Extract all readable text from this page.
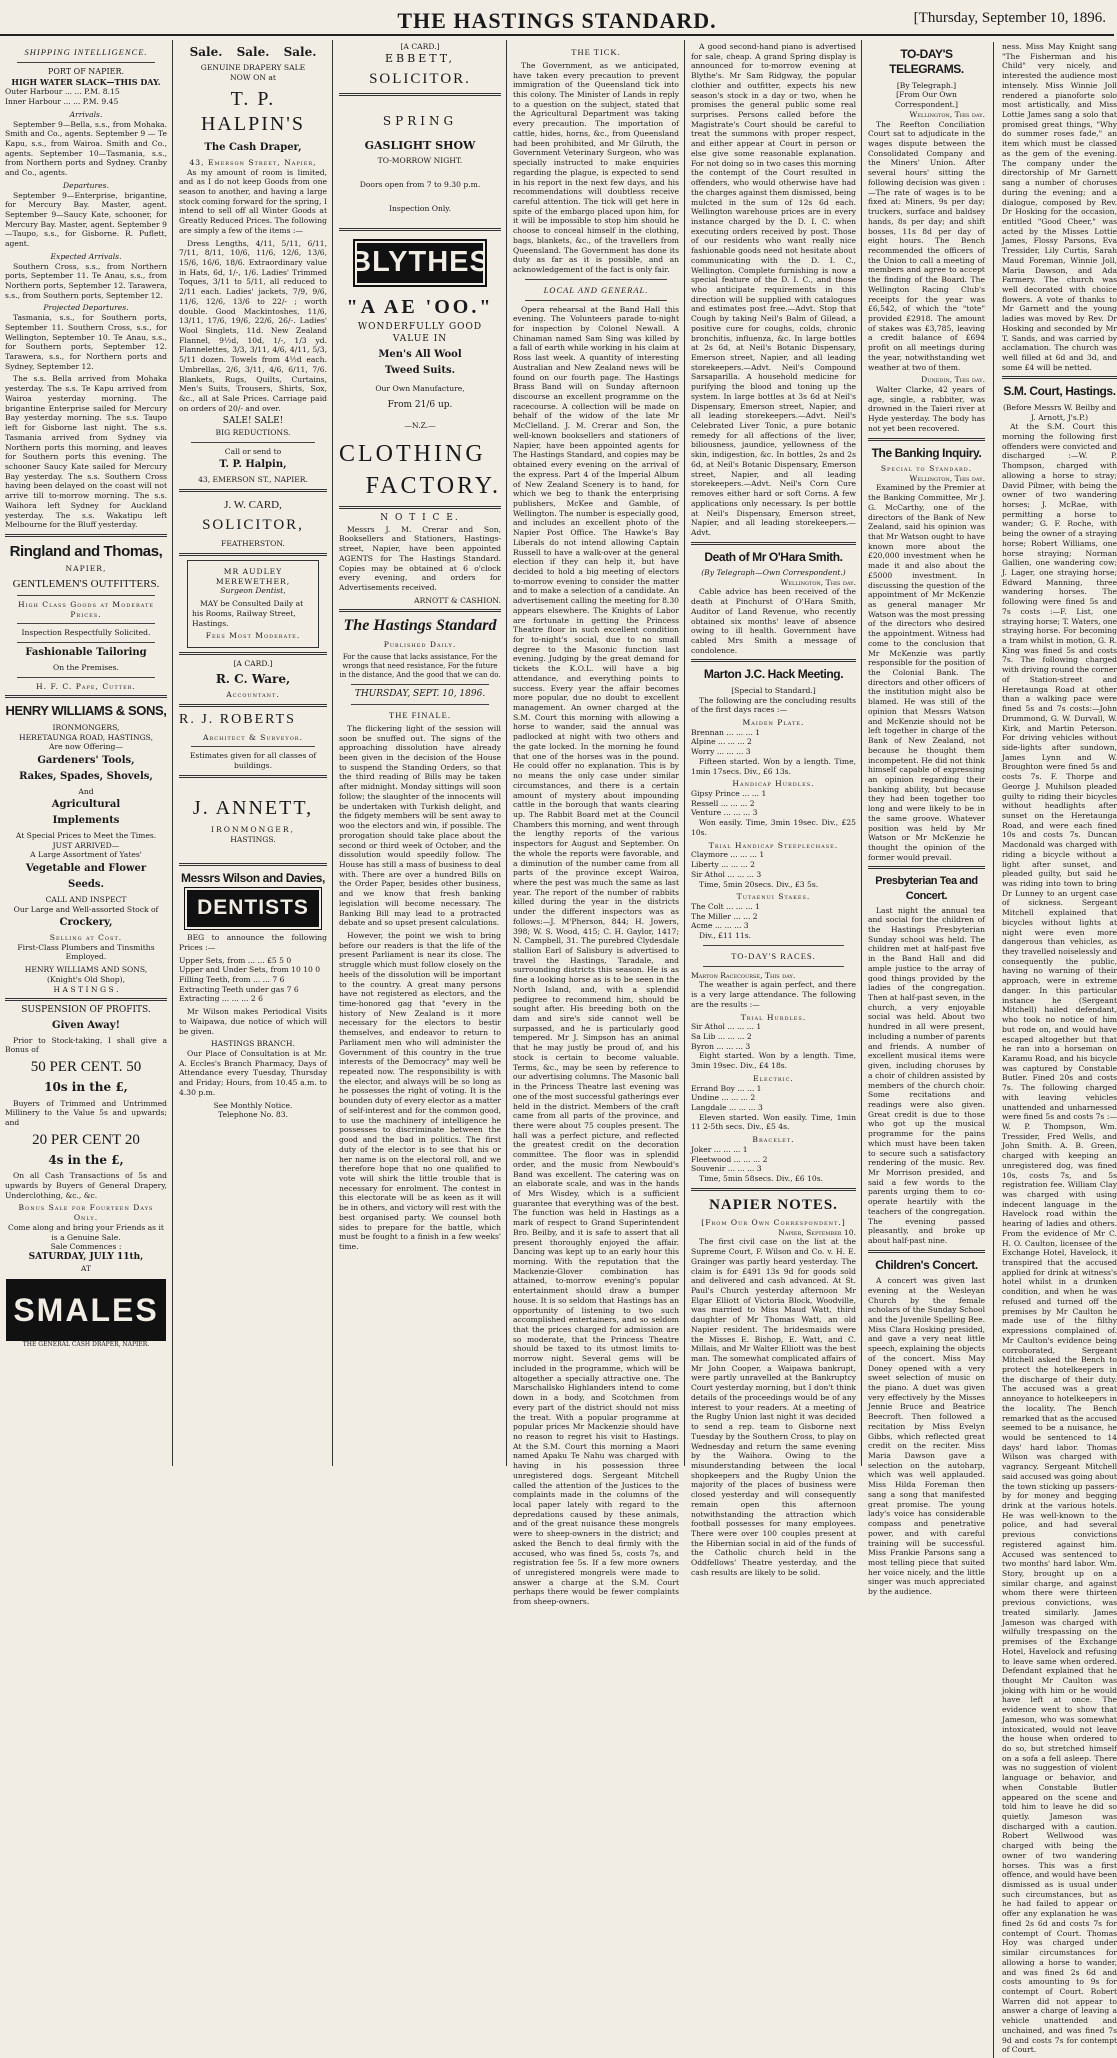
THE HASTINGS STANDARD.	[Thursday, September 10, 1896.
SHIPPING INTELLIGENCE.
PORT OF NAPIER.
HIGH WATER SLACK—THIS DAY.
Outer Harbour ... ... P.M. 8.15
Inner Harbour ... ... P.M. 9.45
Arrivals.

September 9—Bella, s.s., from Mohaka. Smith and Co., agents. September 9 — Te Kapu, s.s., from Wairoa. Smith and Co., agents. September 10—Tasmania, s.s., from Northern ports and Sydney. Cranby and Co., agents.

Departures.

September 9—Enterprise, brigantine, for Mercury Bay. Master, agent. September 9—Saucy Kate, schooner, for Mercury Bay. Master, agent. September 9—Taupo, s.s., for Gisborne. R. Puflett, agent.

Expected Arrivals.

Southern Cross, s.s., from Northern ports, September 11. Te Anau, s.s., from Northern ports, September 12. Tarawera, s.s., from Southern ports, September 12.

Projected Departures.

Tasmania, s.s., for Southern ports, September 11. Southern Cross, s.s., for Wellington, September 10. Te Anau, s.s., for Southern ports, September 12. Tarawera, s.s., for Northern ports and Sydney, September 12.

The s.s. Bella arrived from Mohaka yesterday. The s.s. Te Kapu arrived from Wairoa yesterday morning. The brigantine Enterprise sailed for Mercury Bay yesterday morning. The s.s. Taupo left for Gisborne last night. The s.s. Tasmania arrived from Sydney via Northern ports this morning, and leaves for Southern ports this evening. The schooner Saucy Kate sailed for Mercury Bay yesterday. The s.s. Southern Cross having been delayed on the coast will not arrive till to-morrow morning. The s.s. Waihora left Sydney for Auckland yesterday. The s.s. Wakatipu left Melbourne for the Bluff yesterday.

Ringland and Thomas,
NAPIER,
GENTLEMEN'S OUTFITTERS.
High Class Goods at Moderate
Prices.
Inspection Respectfully Solicited.
Fashionable Tailoring
On the Premises.
H. F. C. Pape, Cutter.
HENRY WILLIAMS & SONS,
IRONMONGERS,
HERETAUNGA ROAD, HASTINGS,
Are now Offering—
Gardeners' Tools,
Rakes, Spades, Shovels,
And
Agricultural
Implements
At Special Prices to Meet the Times.
JUST ARRIVED—
A Large Assortment of Yates'
Vegetable and Flower
Seeds.
CALL AND INSPECT
Our Large and Well-assorted Stock of
Crockery,
Selling at Cost.
First-Class Plumbers and Tinsmiths Employed.
HENRY WILLIAMS AND SONS,
(Knight's Old Shop),
H A S T I N G S .
SUSPENSION OF PROFITS.
Given Away!

Prior to Stock-taking, I shall give a Bonus of

50 PER CENT. 50
10s in the £,

Buyers of Trimmed and Untrimmed Millinery to the Value 5s and upwards; and

20 PER CENT 20
4s in the £,

On all Cash Transactions of 5s and upwards by Buyers of General Drapery, Underclothing, &c., &c.

Bonus Sale for Fourteen Days Only.
Come along and bring your Friends as it is a Genuine Sale.
Sale Commences :
SATURDAY, JULY 11th,
AT
SMALES
THE GENERAL CASH DRAPER, NAPIER.
Sale. Sale. Sale.
GENUINE DRAPERY SALE
NOW ON at
T. P. HALPIN'S
The Cash Draper,
43, Emerson Street, Napier,

As my amount of room is limited, and as I do not keep Goods from one season to another, and having a large stock coming forward for the spring, I intend to sell off all Winter Goods at Greatly Reduced Prices. The following are simply a few of the items :—

Dress Lengths, 4/11, 5/11, 6/11, 7/11, 8/11, 10/6, 11/6, 12/6, 13/6, 15/6, 16/6, 18/6. Extraordinary value in Hats, 6d, 1/-, 1/6. Ladies' Trimmed Toques, 3/11 to 5/11, all reduced to 2/11 each. Ladies' jackets, 7/9, 9/6, 11/6, 12/6, 13/6 to 22/- ; worth double. Good Mackintoshes, 11/6, 13/11, 17/6, 19/6, 22/6, 26/-. Ladies' Wool Singlets, 11d. New Zealand Flannel, 9½d, 10d, 1/-, 1/3 yd. Flannelettes, 3/3, 3/11, 4/6, 4/11, 5/3, 5/11 dozen. Towels from 4½d each. Umbrellas, 2/6, 3/11, 4/6, 6/11, 7/6. Blankets, Rugs, Quilts, Curtains, Men's Suits, Trousers, Shirts, Sox, &c., all at Sale Prices. Carriage paid on orders of 20/- and over.

SALE! SALE!
BIG REDUCTIONS.
Call or send to
T. P. Halpin,
43, EMERSON ST., NAPIER.
J. W. CARD,
SOLICITOR,
FEATHERSTON.
MR AUDLEY MEREWETHER,
Surgeon Dentist,

MAY be Consulted Daily at his Rooms, Railway Street, Hastings.

Fees Most Moderate.
[A CARD.]
R. C. Ware,
Accountant.
R. J. ROBERTS
Architect & Surveyor.
Estimates given for all classes of buildings.
J. ANNETT,
IRONMONGER,
HASTINGS.
Messrs Wilson and Davies,
DENTISTS

BEG to announce the following Prices :—

Upper Sets, from ... ... £5 5 0
Upper and Under Sets, from 10 10 0
Filling Teeth, from ... ... 7 6
Extracting Teeth under gas 7 6
Extracting ... ... ... 2 6

Mr Wilson makes Periodical Visits to Waipawa, due notice of which will be given.

HASTINGS BRANCH.

Our Place of Consultation is at Mr. A. Eccles's Branch Pharmacy, Days of Attendance every Tuesday, Thursday and Friday; Hours, from 10.45 a.m. to 4.30 p.m.

See Monthly Notice.
Telephone No. 83.
[A CARD.]
EBBETT,
SOLICITOR.
SPRING
GASLIGHT SHOW
TO-MORROW NIGHT.
Doors open from 7 to 9.30 p.m.
Inspection Only.
BLYTHES
"A AE 'OO."
WONDERFULLY GOOD VALUE IN
Men's All Wool
Tweed Suits.
Our Own Manufacture,
From 21/6 up.
—N.Z.—
CLOTHING
FACTORY.
N O T I C E.

Messrs J. M. Crerar and Son, Booksellers and Stationers, Hastings-street, Napier, have been appointed AGENTS for The Hastings Standard. Copies may be obtained at 6 o'clock every evening, and orders for Advertisements received.

ARNOTT & CASHION.
The Hastings Standard
Published Daily.
For the cause that lacks assistance, For the wrongs that need resistance, For the future in the distance, And the good that we can do.
THURSDAY, SEPT. 10, 1896.
THE FINALE.

The flickering light of the session will soon be snuffed out. The signs of the approaching dissolution have already been given in the decision of the House to suspend the Standing Orders, so that the third reading of Bills may be taken after midnight. Monday sittings will soon follow; the slaughter of the innocents will be undertaken with Turkish delight, and the fidgety members will be sent away to woo the electors and win, if possible. The prorogation should take place about the second or third week of October, and the dissolution would speedily follow. The House has still a mass of business to deal with. There are over a hundred Bills on the Order Paper, besides other business, and we know that fresh banking legislation will become necessary. The Banking Bill may lead to a protracted debate and so upset present calculations.

However, the point we wish to bring before our readers is that the life of the present Parliament is near its close. The struggle which must follow closely on the heels of the dissolution will be important to the country. A great many persons have not registered as electors, and the time-honored gag that "every in the history of New Zealand is it more necessary for the electors to bestir themselves, and endeavor to return to Parliament men who will administer the Government of this country in the true interests of the Democracy" may well be repeated now. The responsibility is with the elector, and always will be so long as he possesses the right of voting. It is the bounden duty of every elector as a matter of self-interest and for the common good, to use the machinery of intelligence he possesses to discriminate between the good and the bad in politics. The first duty of the elector is to see that his or her name is on the electoral roll, and we therefore hope that no one qualified to vote will shirk the little trouble that is necessary for enrolment. The contest in this electorate will be as keen as it will be in others, and victory will rest with the best organised party. We counsel both sides to prepare for the battle, which must be fought to a finish in a few weeks' time.

THE TICK.

The Government, as we anticipated, have taken every precaution to prevent immigration of the Queensland tick into this colony. The Minister of Lands in reply to a question on the subject, stated that the Agricultural Department was taking every precaution. The importation of cattle, hides, horns, &c., from Queensland had been prohibited, and Mr Gilruth, the Government Veterinary Surgeon, who was specially instructed to make enquiries regarding the plague, is expected to send in his report in the next few days, and his recommendations will doubtless receive careful attention. The tick will get here in spite of the embargo placed upon him, for it will be impossible to stop him should he choose to conceal himself in the clothing, bags, blankets, &c., of the travellers from Queensland. The Government has done its duty as far as it is possible, and an acknowledgement of the fact is only fair.

LOCAL AND GENERAL.

Opera rehearsal at the Band Hall this evening. The Volunteers parade to-night for inspection by Colonel Newall. A Chinaman named Sam Sing was killed by a fall of earth while working in his claim at Ross last week. A quantity of interesting Australian and New Zealand news will be found on our fourth page. The Hastings Brass Band will on Sunday afternoon discourse an excellent programme on the racecourse. A collection will be made on behalf of the widow of the late Mr McClelland. J. M. Crerar and Son, the well-known booksellers and stationers of Napier, have been appointed agents for The Hastings Standard, and copies may be obtained every evening on the arrival of the express. Part 4 of the Imperial Album of New Zealand Scenery is to hand, for which we beg to thank the enterprising publishers, McKee and Gamble, of Wellington. The number is especially good, and includes an excellent photo of the Napier Post Office. The Hawke's Bay Liberals do not intend allowing Captain Russell to have a walk-over at the general election if they can help it, but have decided to hold a big meeting of electors to-morrow evening to consider the matter and to make a selection of a candidate. An advertisement calling the meeting for 8.30 appears elsewhere. The Knights of Labor are fortunate in getting the Princess Theatre floor in such excellent condition for to-night's social, due to no small degree to the Masonic function last evening. Judging by the great demand for tickets the K.O.L. will have a big attendance, and everything points to success. Every year the affair becomes more popular, due no doubt to excellent management. An owner charged at the S.M. Court this morning with allowing a horse to wander, said the annual was padlocked at night with two others and the gate locked. In the morning he found that one of the horses was in the pound. He could offer no explanation. This is by no means the only case under similar circumstances, and there is a certain amount of mystery about impounding cattle in the borough that wants clearing up. The Rabbit Board met at the Council Chambers this morning, and went through the lengthy reports of the various inspectors for August and September. On the whole the reports were favorable, and a diminution of the number came from all parts of the province except Wairoa, where the pest was much the same as last year. The report of the number of rabbits killed during the year in the districts under the different inspectors was as follows:—J. M'Pherson, 844; H. Jowers, 398; W. S. Wood, 415; C. H. Gaylor, 1417; N. Campbell, 31. The purebred Clydesdale stallion Earl of Salisbury is advertised to travel the Hastings, Taradale, and surrounding districts this season. He is as fine a looking horse as is to be seen in the North Island, and, with a splendid pedigree to recommend him, should be sought after. His breeding both on the dam and sire's side cannot well be surpassed, and he is particularly good tempered. Mr J. Simpson has an animal that he may justly be proud of, and his stock is certain to become valuable. Terms, &c., may be seen by reference to our advertising columns. The Masonic ball in the Princess Theatre last evening was one of the most successful gatherings ever held in the district. Members of the craft came from all parts of the province, and there were about 75 couples present. The hall was a perfect picture, and reflected the greatest credit on the decoration committee. The floor was in splendid order, and the music from Newbould's Band was excellent. The catering was on an elaborate scale, and was in the hands of Mrs Wisdey, which is a sufficient guarantee that everything was of the best. The function was held in Hastings as a mark of respect to Grand Superintendent Bro. Beilby, and it is safe to assert that all present thoroughly enjoyed the affair. Dancing was kept up to an early hour this morning. With the reputation that the Mackenzie-Glover combination has attained, to-morrow evening's popular entertainment should draw a bumper house. It is so seldom that Hastings has an opportunity of listening to two such accomplished entertainers, and so seldom that the prices charged for admission are so moderate, that the Princess Theatre should be taxed to its utmost limits to-morrow night. Several gems will be included in the programme, which will be altogether a specially attractive one. The Marschallsko Highlanders intend to come down in a body, and Scotchmen from every part of the district should not miss the treat. With a popular programme at popular prices Mr Mackenzie should have no reason to regret his visit to Hastings. At the S.M. Court this morning a Maori named Apaku Te Nahu was charged with having in his possession three unregistered dogs. Sergeant Mitchell called the attention of the Justices to the complaints made in the columns of the local paper lately with regard to the depredations caused by these animals, and of the great nuisance these mongrels were to sheep-owners in the district; and asked the Bench to deal firmly with the accused, who was fined 5s, costs 7s, and registration fee 5s. If a few more owners of unregistered mongrels were made to answer a charge at the S.M. Court perhaps there would be fewer complaints from sheep-owners.

A good second-hand piano is advertised for sale, cheap. A grand Spring display is announced for to-morrow evening at Blythe's. Mr Sam Ridgway, the popular clothier and outfitter, expects his new season's stock in a day or two, when he promises the general public some real surprises. Persons called before the Magistrate's Court should be careful to treat the summons with proper respect, and either appear at Court in person or else give some reasonable explanation. For not doing so in two cases this morning the contempt of the Court resulted in offenders, who would otherwise have had the charges against them dismissed, being mulcted in the sum of 12s 6d each. Wellington warehouse prices are in every instance charged by the D. I. C. when executing orders received by post. Those of our residents who want really nice fashionable goods need not hesitate about communicating with the D. I. C., Wellington. Complete furnishing is now a special feature of the D. I. C., and those who anticipate requirements in this direction will be supplied with catalogues and estimates post free.—Advt. Stop that Cough by taking Neil's Balm of Gilead, a positive cure for coughs, colds, chronic bronchitis, influenza, &c. In large bottles at 2s 6d, at Neil's Botanic Dispensary, Emerson street, Napier, and all leading storekeepers.—Advt. Neil's Compound Sarsaparilla. A household medicine for purifying the blood and toning up the system. In large bottles at 3s 6d at Neil's Dispensary, Emerson street, Napier, and all leading storekeepers.—Advt. Neil's Celebrated Liver Tonic, a pure botanic remedy for all affections of the liver, biliousness, jaundice, yellowness of the skin, indigestion, &c. In bottles, 2s and 2s 6d, at Neil's Botanic Dispensary, Emerson street, Napier, and all leading storekeepers.—Advt. Neil's Corn Cure removes either hard or soft Corns. A few applications only necessary. Is per bottle at Neil's Dispensary, Emerson street, Napier, and all leading storekeepers.—Advt.

Death of Mr O'Hara Smith.
(By Telegraph—Own Correspondent.)
Wellington, This day.

Cable advice has been received of the death at Pinchurst of O'Hara Smith, Auditor of Land Revenue, who recently obtained six months' leave of absence owing to ill health. Government have cabled Mrs Smith a message of condolence.

Marton J.C. Hack Meeting.
[Special to Standard.]

The following are the concluding results of the first days races :—

Maiden Plate.
Brennan ... ... ... 1
Alpine ... ... ... 2
Worry ... ... ... 3

Fifteen started. Won by a length. Time, 1min 17secs. Div., £6 13s.

Handicap Hurdles.
Gipsy Prince ... ... 1
Ressell ... ... ... 2
Venture ... ... ... 3

Won easily. Time, 3min 19sec. Div., £25 10s.

Trial Handicap Steeplechase.
Claymore ... ... ... 1
Liberty ... ... ... 2
Sir Athol ... ... ... 3

Time, 5min 20secs. Div., £3 5s.

Tutaenui Stakes.
The Colt ... ... ... 1
The Miller ... ... 2
Acme ... ... ... 3

Div., £11 11s.

TO-DAY'S RACES.
Marton Racecourse, This day.

The weather is again perfect, and there is a very large attendance. The following are the results :—

Trial Hurdles.
Sir Athol ... ... ... 1
Sa Lib ... ... ... 2
Byron ... ... ... 3

Eight started. Won by a length. Time, 3min 19sec. Div., £4 18s.

Electric.
Errand Boy ... ... 1
Undine ... ... ... 2
Langdale ... ... ... 3

Eleven started. Won easily. Time, 1min 11 2-5th secs. Div., £5 4s.

Bracelet.
Joker ... ... ... 1
Fleetwood ... ... ... 2
Souvenir ... ... ... 3

Time, 5min 58secs. Div., £6 10s.

NAPIER NOTES.
[From Our Own Correspondent.]
Napier, September 10.

The first civil case on the list at the Supreme Court, F. Wilson and Co. v. H. E. Grainger was partly heard yesterday. The claim is for £491 13s 9d for goods sold and delivered and cash advanced. At St. Paul's Church yesterday afternoon Mr Elgar Elliott of Victoria Block, Woodville, was married to Miss Maud Watt, third daughter of Mr Thomas Watt, an old Napier resident. The bridesmaids were the Misses E. Bishop, E. Watt, and C. Millais, and Mr Walter Elliott was the best man. The somewhat complicated affairs of Mr John Cooper, a Waipawa bankrupt, were partly unravelled at the Bankruptcy Court yesterday morning, but I don't think details of the proceedings would be of any interest to your readers. At a meeting of the Rugby Union last night it was decided to send a rep. team to Gisborne next Tuesday by the Southern Cross, to play on Wednesday and return the same evening by the Waihora. Owing to the misunderstanding between the local shopkeepers and the Rugby Union the majority of the places of business were closed yesterday and will consequently remain open this afternoon notwithstanding the attraction which football possesses for many employees. There were over 100 couples present at the Hibernian social in aid of the funds of the Catholic church held in the Oddfellows' Theatre yesterday, and the cash results are likely to be solid.

TO-DAY'S TELEGRAMS.
[By Telegraph.]
[From Our Own Correspondent.]
Wellington, This day.

The Reefton Conciliation Court sat to adjudicate in the wages dispute between the Consolidated Company and the Miners' Union. After several hours' sitting the following decision was given :—The rate of wages is to be fixed at: Miners, 9s per day; truckers, surface and baldsey hands, 8s per day; and shift bosses, 11s 8d per day of eight hours. The Bench recommended the officers of the Union to call a meeting of members and agree to accept the finding of the Board. The Wellington Racing Club's receipts for the year was £6,542, of which the "tote" provided £2918. The amount of stakes was £3,785, leaving a credit balance of £694 profit on all meetings during the year, notwithstanding wet weather at two of them.

Dunedin, This day.

Walter Clarke, 42 years of age, single, a rabbiter, was drowned in the Taieri river at Hyde yesterday. The body has not yet been recovered.

The Banking Inquiry.
Special to Standard.
Wellington, This day.

Examined by the Premier at the Banking Committee, Mr J. G. McCarthy, one of the directors of the Bank of New Zealand, said his opinion was that Mr Watson ought to have known more about the £20,000 investment when he made it and also about the £5000 investment. In discussing the question of the appointment of Mr McKenzie as general manager Mr Watson was the most pressing of the directors who desired the appointment. Witness had come to the conclusion that Mr McKenzie was partly responsible for the position of the Colonial Bank. The directors and other officers of the institution might also be blamed. He was still of the opinion that Messrs Watson and McKenzie should not be left together in charge of the Bank of New Zealand, not because he thought them incompetent. He did not think himself capable of expressing an opinion regarding their banking ability, but because they had been together too long and were likely to be in the same groove. Whatever position was held by Mr Watson or Mr McKenzie he thought the opinion of the former would prevail.

Presbyterian Tea and Concert.

Last night the annual tea and social for the children of the Hastings Presbyterian Sunday school was held. The children met at half-past five in the Band Hall and did ample justice to the array of good things provided by the ladies of the congregation. Then at half-past seven, in the church, a very enjoyable social was held. About two hundred in all were present, including a number of parents and friends. A number of excellent musical items were given, including choruses by a choir of children assisted by members of the church choir. Some recitations and readings were also given. Great credit is due to those who got up the musical programme for the pains which must have been taken to secure such a satisfactory rendering of the music. Rev. Mr Morrison presided, and said a few words to the parents urging them to co-operate heartily with the teachers of the congregation. The evening passed pleasantly, and broke up about half-past nine.

Children's Concert.

A concert was given last evening at the Wesleyan Church by the female scholars of the Sunday School and the Juvenile Spelling Bee. Miss Clara Hosking presided, and gave a very neat little speech, explaining the objects of the concert. Miss May Doney opened with a very sweet selection of music on the piano. A duet was given very effectively by the Misses Jennie Bruce and Beatrice Beecroft. Then followed a recitation by Miss Evelyn Gibbs, which reflected great credit on the reciter. Miss Maria Dawson gave a selection on the autoharp, which was well applauded. Miss Hilda Foreman then sang a song that manifested great promise. The young lady's voice has considerable compass and penetrative power, and with careful training will be successful. Miss Frankie Parsons sang a most telling piece that suited her voice nicely, and the little singer was much appreciated by the audience.

ness. Miss May Knight sang "The Fisherman and his Child" very nicely, and interested the audience most intensely. Miss Winnie Joll rendered a pianoforte solo most artistically, and Miss Lottie James sang a solo that promised great things, "Why do summer roses fade," an item which must be classed as the gem of the evening. The company under the directorship of Mr Garnett sang a number of choruses during the evening; and a dialogue, composed by Rev. Dr Hosking for the occasion, entitled "Good Cheer," was acted by the Misses Lottie James, Flossy Parsons, Eva Tressider, Lily Curtis, Sarah Maud Foreman, Winnie Joll, Maria Dawson, and Ada Farmery. The church was well decorated with choice flowers. A vote of thanks to Mr Garnett and the young ladies was moved by Rev. Dr Hosking and seconded by Mr T. Sands, and was carried by acclamation. The church was well filled at 6d and 3d, and some £4 will be netted.

S.M. Court, Hastings.
(Before Messrs W. Beilby and J. Arnott, J's.P.)

At the S.M. Court this morning the following first offenders were convicted and discharged :—W. P. Thompson, charged with allowing a horse to stray; David Pilmer, with being the owner of two wandering horses; J. McRae, with permitting a horse to wander; G. F. Roche, with being the owner of a straying horse; Robert Williams, one horse straying; Norman Gallien, one wandering cow; J. Lager, one straying horse; Edward Manning, three wandering horses. The following were fined 5s and 7s costs :—F. List, one straying horse; T. Waters, one straying horse. For becoming a tram whilst in motion, G. R. King was fined 5s and costs 7s. The following charged with driving round the corner of Station-street and Heretaunga Road at other than a walking pace were fined 5s and 7s costs:—John Drummond, G. W. Durvall, W. Kirk, and Martin Peterson. For driving vehicles without side-lights after sundown, James Lynn and W. Broughton were fined 5s and costs 7s. F. Thorpe and George J. Muhilson pleaded guilty to riding their bicycles without headlights after sunset on the Heretaunga Road, and were each fined 10s and costs 7s. Duncan Macdonald was charged with riding a bicycle without a light after sunset, and pleaded guilty, but said he was riding into town to bring Dr Lunney to an urgent case of sickness. Sergeant Mitchell explained that bicycles without lights at night were even more dangerous than vehicles, as they travelled noiselessly and consequently the public, having no warning of their approach, were in extreme danger. In this particular instance he (Sergeant Mitchell) hailed defendant, who took no notice of him but rode on, and would have escaped altogether but that he ran into a horseman on Karamu Road, and his bicycle was captured by Constable Butler. Fined 20s and costs 7s. The following charged with leaving vehicles unattended and unharnessed were fined 5s and costs 7s :—W. P. Thompson, Wm. Tressider, Fred Wells, and John Smith. A. B. Green, charged with keeping an unregistered dog, was fined 10s, costs 7s, and 5s registration fee. William Clay was charged with using indecent language in the Havelock road within the hearing of ladies and others. From the evidence of Mr C. H. O. Caulton, licensee of the Exchange Hotel, Havelock, it transpired that the accused applied for drink at witness's hotel whilst in a drunken condition, and when he was refused and turned off the premises by Mr Caulton he made use of the filthy expressions complained of. Mr Caulton's evidence being corroborated, Sergeant Mitchell asked the Bench to protect the hotelkeepers in the discharge of their duty. The accused was a great annoyance to hotelkeepers in the locality. The Bench remarked that as the accused seemed to be a nuisance, he would be sentenced to 14 days' hard labor. Thomas Wilson was charged with vagrancy. Sergeant Mitchell said accused was going about the town sticking up passers-by for money and begging drink at the various hotels. He was well-known to the police, and had several previous convictions registered against him. Accused was sentenced to two months' hard labor. Wm. Story, brought up on a similar charge, and against whom there were thirteen previous convictions, was treated similarly. James Jameson was charged with wilfully trespassing on the premises of the Exchange Hotel, Havelock and refusing to leave same when ordered. Defendant explained that he thought Mr Caulton was joking with him or he would have left at once. The evidence went to show that Jameson, who was somewhat intoxicated, would not leave the house when ordered to do so, but stretched himself on a sofa a fell asleep. There was no suggestion of violent language or behavior, and when Constable Butler appeared on the scene and told him to leave he did so quietly. Jameson was discharged with a caution. Robert Wellwood was charged with being the owner of two wandering horses. This was a first offence, and would have been dismissed as is usual under such circumstances, but as he had failed to appear or offer any explanation he was fined 2s 6d and costs 7s for contempt of Court. Thomas Hoy was charged under similar circumstances for allowing a horse to wander, and was fined 2s 6d and costs amounting to 9s for contempt of Court. Robert Warren did not appear to answer a charge of leaving a vehicle unattended and unchained, and was fined 7s 9d and costs 7s for contempt of Court.
